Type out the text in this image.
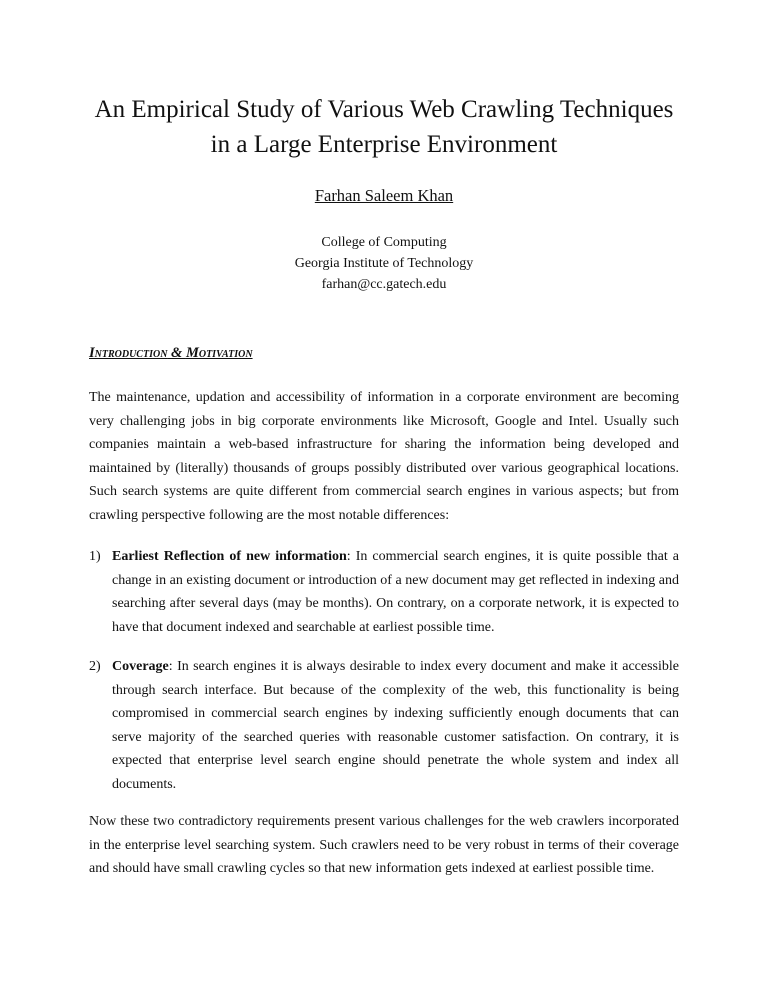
An Empirical Study of Various Web Crawling Techniques
in a Large Enterprise Environment
Farhan Saleem Khan
College of Computing
Georgia Institute of Technology
farhan@cc.gatech.edu
Introduction & Motivation
The maintenance, updation and accessibility of information in a corporate environment are becoming very challenging jobs in big corporate environments like Microsoft, Google and Intel. Usually such companies maintain a web-based infrastructure for sharing the information being developed and maintained by (literally) thousands of groups possibly distributed over various geographical locations. Such search systems are quite different from commercial search engines in various aspects; but from crawling perspective following are the most notable differences:
1) Earliest Reflection of new information: In commercial search engines, it is quite possible that a change in an existing document or introduction of a new document may get reflected in indexing and searching after several days (may be months). On contrary, on a corporate network, it is expected to have that document indexed and searchable at earliest possible time.
2) Coverage: In search engines it is always desirable to index every document and make it accessible through search interface. But because of the complexity of the web, this functionality is being compromised in commercial search engines by indexing sufficiently enough documents that can serve majority of the searched queries with reasonable customer satisfaction. On contrary, it is expected that enterprise level search engine should penetrate the whole system and index all documents.
Now these two contradictory requirements present various challenges for the web crawlers incorporated in the enterprise level searching system. Such crawlers need to be very robust in terms of their coverage and should have small crawling cycles so that new information gets indexed at earliest possible time.
